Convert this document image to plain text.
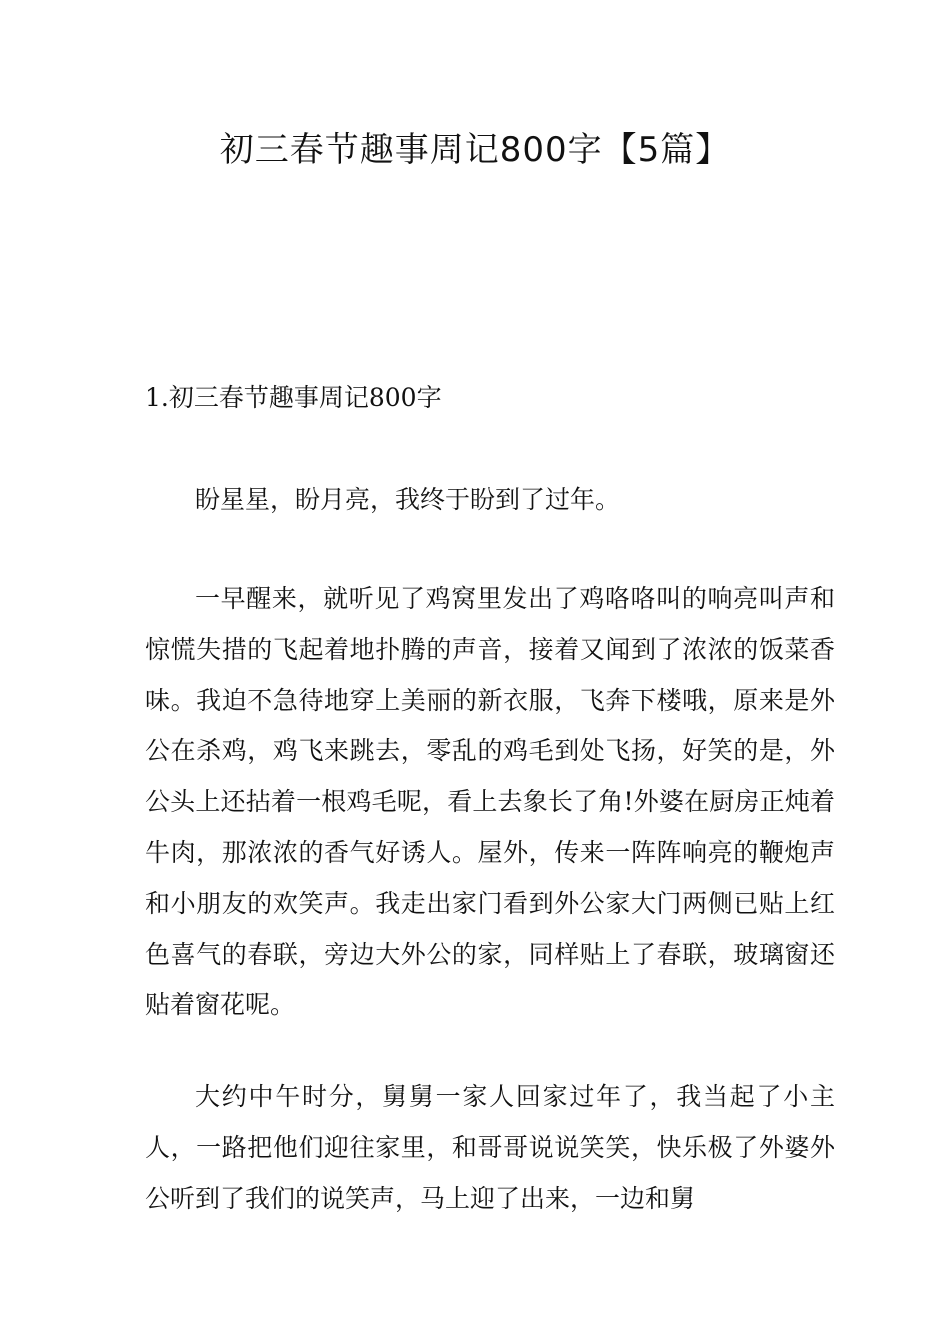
初三春节趣事周记800字【5篇】
1.初三春节趣事周记800字

盼星星，盼月亮，我终于盼到了过年。

一早醒来，就听见了鸡窝里发出了鸡咯咯叫的响亮叫声和惊慌失措的飞起着地扑腾的声音，接着又闻到了浓浓的饭菜香味。我迫不急待地穿上美丽的新衣服，飞奔下楼哦，原来是外公在杀鸡，鸡飞来跳去，零乱的鸡毛到处飞扬，好笑的是，外公头上还拈着一根鸡毛呢，看上去象长了角!外婆在厨房正炖着牛肉，那浓浓的香气好诱人。屋外，传来一阵阵响亮的鞭炮声和小朋友的欢笑声。我走出家门看到外公家大门两侧已贴上红色喜气的春联，旁边大外公的家，同样贴上了春联，玻璃窗还贴着窗花呢。

大约中午时分，舅舅一家人回家过年了，我当起了小主人，一路把他们迎往家里，和哥哥说说笑笑，快乐极了外婆外公听到了我们的说笑声，马上迎了出来，一边和舅
